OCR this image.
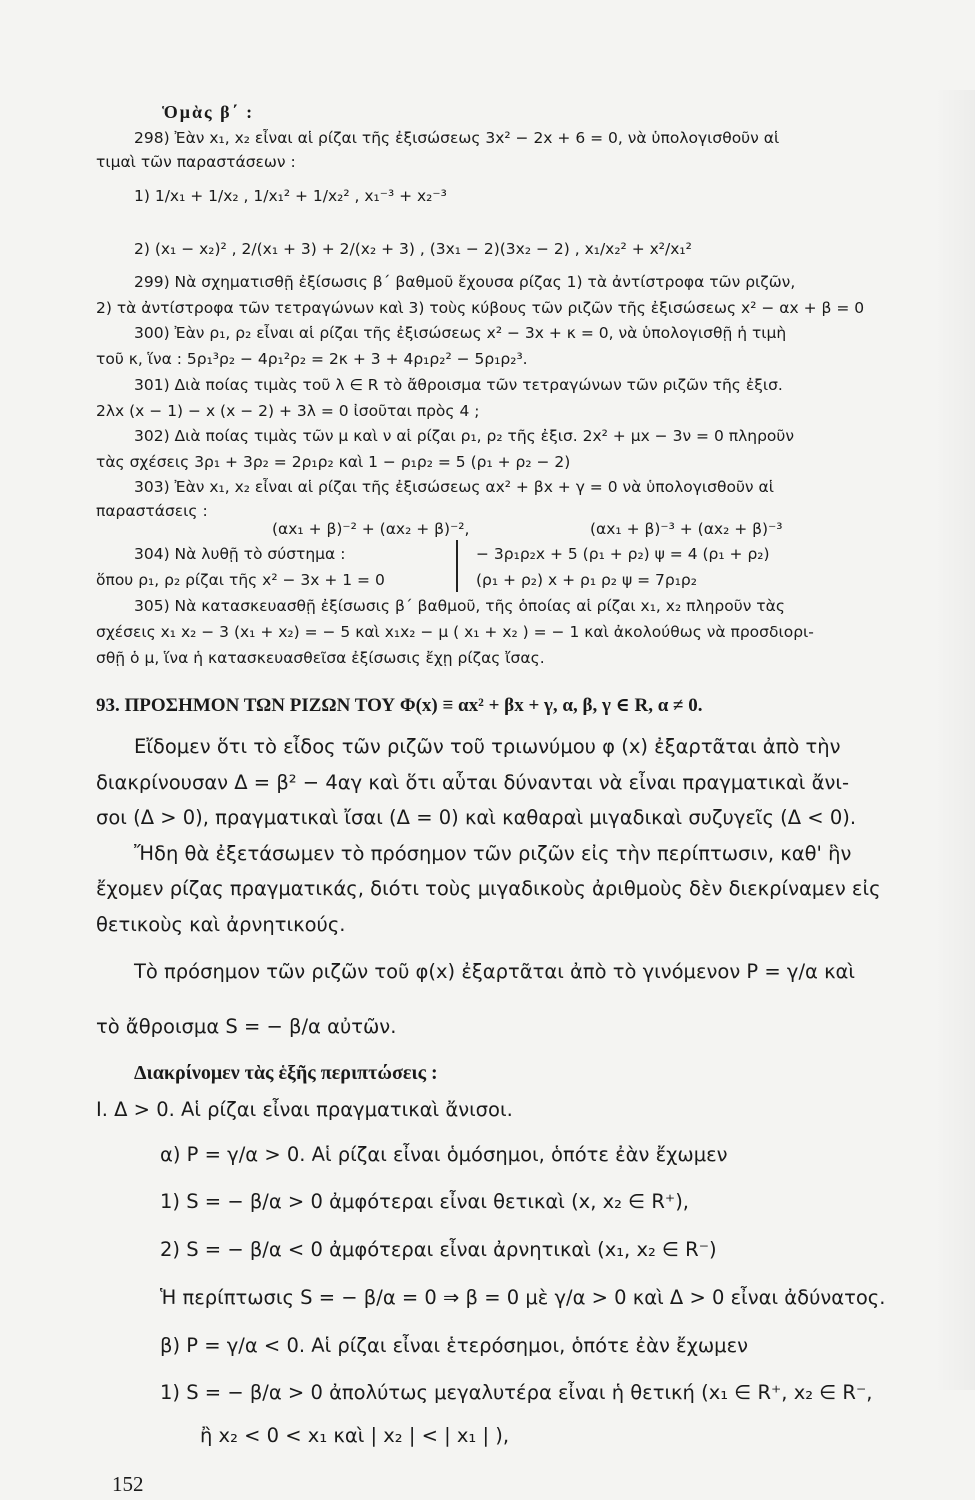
Ὁμὰς β΄ :
298) Ἐὰν x₁, x₂ εἶναι αἱ ρίζαι τῆς ἐξισώσεως 3x² − 2x + 6 = 0, νὰ ὑπολογισθοῦν αἱ
τιμαὶ τῶν παραστάσεων :
1) 1/x₁ + 1/x₂ , 1/x₁² + 1/x₂² , x₁⁻³ + x₂⁻³
2) (x₁ − x₂)² , 2/(x₁ + 3) + 2/(x₂ + 3) , (3x₁ − 2)(3x₂ − 2) , x₁/x₂² + x²/x₁²
299) Νὰ σχηματισθῇ ἐξίσωσις β΄ βαθμοῦ ἔχουσα ρίζας 1) τὰ ἀντίστροφα τῶν ριζῶν,
2) τὰ ἀντίστροφα τῶν τετραγώνων καὶ 3) τοὺς κύβους τῶν ριζῶν τῆς ἐξισώσεως x² − αx + β = 0
300) Ἐὰν ρ₁, ρ₂ εἶναι αἱ ρίζαι τῆς ἐξισώσεως x² − 3x + κ = 0, νὰ ὑπολογισθῇ ἡ τιμὴ
τοῦ κ, ἵνα : 5ρ₁³ρ₂ − 4ρ₁²ρ₂ = 2κ + 3 + 4ρ₁ρ₂² − 5ρ₁ρ₂³.
301) Διὰ ποίας τιμὰς τοῦ λ ∈ R τὸ ἄθροισμα τῶν τετραγώνων τῶν ριζῶν τῆς ἐξισ.
2λx (x − 1) − x (x − 2) + 3λ = 0 ἰσοῦται πρὸς 4 ;
302) Διὰ ποίας τιμὰς τῶν μ καὶ ν αἱ ρίζαι ρ₁, ρ₂ τῆς ἐξισ. 2x² + μx − 3ν = 0 πληροῦν
τὰς σχέσεις 3ρ₁ + 3ρ₂ = 2ρ₁ρ₂ καὶ 1 − ρ₁ρ₂ = 5 (ρ₁ + ρ₂ − 2)
303) Ἐὰν x₁, x₂ εἶναι αἱ ρίζαι τῆς ἐξισώσεως αx² + βx + γ = 0 νὰ ὑπολογισθοῦν αἱ
παραστάσεις :
(αx₁ + β)⁻² + (αx₂ + β)⁻²,	(αx₁ + β)⁻³ + (αx₂ + β)⁻³
304) Νὰ λυθῇ τὸ σύστημα :
ὅπου ρ₁, ρ₂ ρίζαι τῆς x² − 3x + 1 = 0
− 3ρ₁ρ₂x + 5 (ρ₁ + ρ₂) ψ = 4 (ρ₁ + ρ₂)
(ρ₁ + ρ₂) x + ρ₁ ρ₂ ψ = 7ρ₁ρ₂
305) Νὰ κατασκευασθῇ ἐξίσωσις β΄ βαθμοῦ, τῆς ὁποίας αἱ ρίζαι x₁, x₂ πληροῦν τὰς
σχέσεις x₁ x₂ − 3 (x₁ + x₂) = − 5 καὶ x₁x₂ − μ ( x₁ + x₂ ) = − 1 καὶ ἀκολούθως νὰ προσδιορι-
σθῇ ὁ μ, ἵνα ἡ κατασκευασθεῖσα ἐξίσωσις ἔχῃ ρίζας ἴσας.
93. ΠΡΟΣΗΜΟΝ ΤΩΝ ΡΙΖΩΝ ΤΟΥ Φ(x) ≡ αx² + βx + γ, α, β, γ ∈ R, α ≠ 0.
Εἴδομεν ὅτι τὸ εἶδος τῶν ριζῶν τοῦ τριωνύμου φ (x) ἐξαρτᾶται ἀπὸ τὴν
διακρίνουσαν Δ = β² − 4αγ καὶ ὅτι αὗται δύνανται νὰ εἶναι πραγματικαὶ ἄνι-
σοι (Δ > 0), πραγματικαὶ ἴσαι (Δ = 0) καὶ καθαραὶ μιγαδικαὶ συζυγεῖς (Δ < 0).
Ἤδη θὰ ἐξετάσωμεν τὸ πρόσημον τῶν ριζῶν εἰς τὴν περίπτωσιν, καθ' ἣν
ἔχομεν ρίζας πραγματικάς, διότι τοὺς μιγαδικοὺς ἀριθμοὺς δὲν διεκρίναμεν εἰς
θετικοὺς καὶ ἀρνητικούς.
Τὸ πρόσημον τῶν ριζῶν τοῦ φ(x) ἐξαρτᾶται ἀπὸ τὸ γινόμενον P = γ/α καὶ
τὸ ἄθροισμα S = − β/α αὐτῶν.
Διακρίνομεν τὰς ἑξῆς περιπτώσεις :
I. Δ > 0. Αἱ ρίζαι εἶναι πραγματικαὶ ἄνισοι.
α) P = γ/α > 0. Αἱ ρίζαι εἶναι ὁμόσημοι, ὁπότε ἐὰν ἔχωμεν
1) S = − β/α > 0 ἀμφότεραι εἶναι θετικαὶ (x, x₂ ∈ R⁺),
2) S = − β/α < 0 ἀμφότεραι εἶναι ἀρνητικαὶ (x₁, x₂ ∈ R⁻)
Ἡ περίπτωσις S = − β/α = 0 ⇒ β = 0 μὲ γ/α > 0 καὶ Δ > 0 εἶναι ἀδύνατος.
β) P = γ/α < 0. Αἱ ρίζαι εἶναι ἑτερόσημοι, ὁπότε ἐὰν ἔχωμεν
1) S = − β/α > 0 ἀπολύτως μεγαλυτέρα εἶναι ἡ θετική (x₁ ∈ R⁺, x₂ ∈ R⁻,
ἢ x₂ < 0 < x₁ καὶ | x₂ | < | x₁ | ),
152
